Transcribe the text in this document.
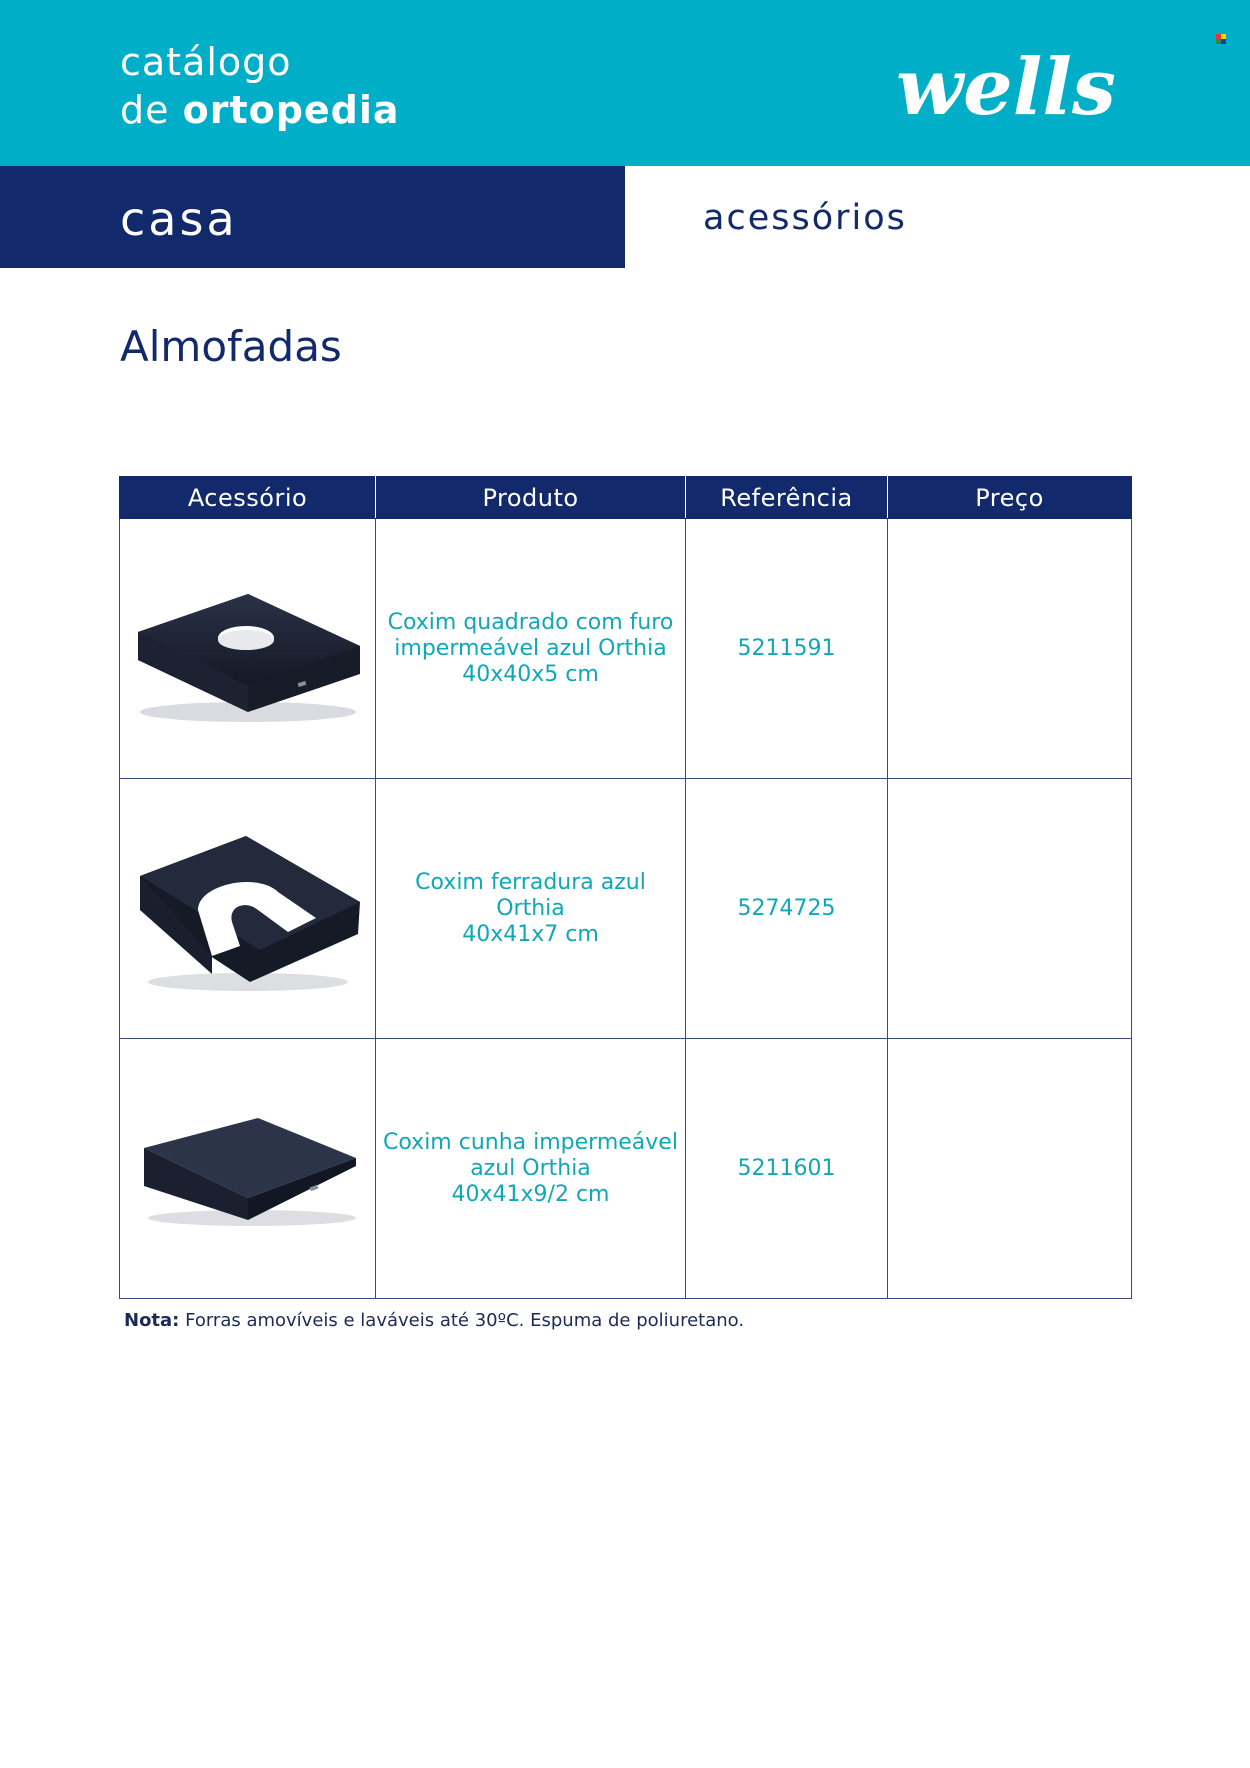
catálogo
de ortopedia	wells
casa	acessórios
Almofadas
Acessório	Produto	Referência	Preço

Coxim quadrado com furo
impermeável azul Orthia
40x40x5 cm	5211591	

Coxim ferradura azul
Orthia
40x41x7 cm	5274725	

Coxim cunha impermeável
azul Orthia
40x41x9/2 cm	5211601	
Nota: Forras amovíveis e laváveis até 30ºC. Espuma de poliuretano.
